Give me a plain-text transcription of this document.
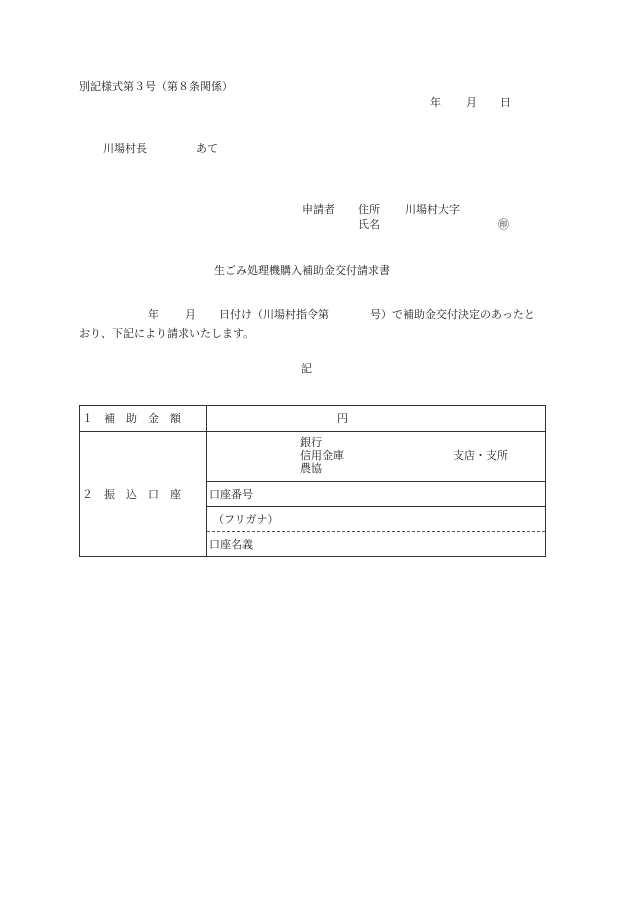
別記様式第３号（第８条関係）
年 月 日
川場村長	あて
申請者 住所 川場村大字
氏名	㊞
生ごみ処理機購入補助金交付請求書
年 月 日付け（川場村指令第	号）で補助金交付決定のあったと
おり、下記により請求いたします。
記
１　補　助　金　額	円
２　振　込　口　座	銀行
信用金庫
農協
支店・支所

	口座番号
	（フリガナ）
	口座名義
